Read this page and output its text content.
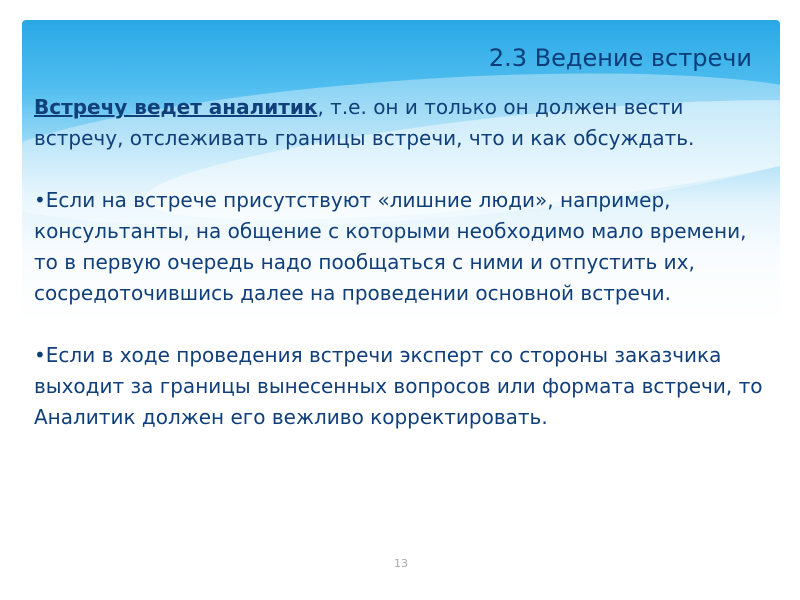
2.3 Ведение встречи

Встречу ведет аналитик, т.е. он и только он должен вести встречу, отслеживать границы встречи, что и как обсуждать.

•Если на встрече присутствуют «лишние люди», например, консультанты, на общение с которыми необходимо мало времени, то в первую очередь надо пообщаться с ними и отпустить их, сосредоточившись далее на проведении основной встречи.

•Если в ходе проведения встречи эксперт со стороны заказчика выходит за границы вынесенных вопросов или формата встречи, то Аналитик должен его вежливо корректировать.

13
